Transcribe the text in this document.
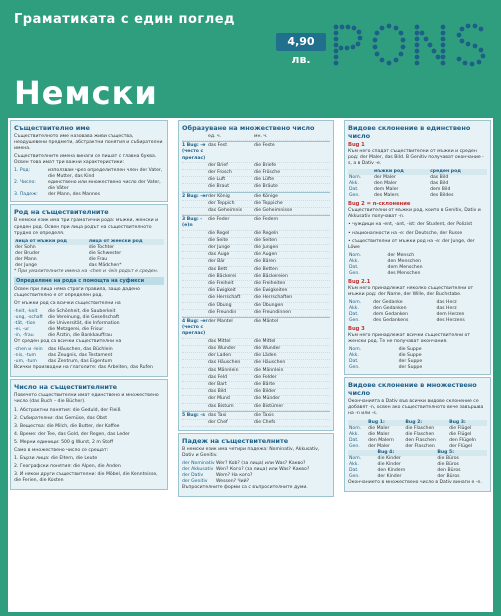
Граматиката с един поглед
4,90 лв.
Немски
Съществително име

Съществителното име назовава живи същества, неодушевени предмети, абстрактни понятия и събирателни имена.

Съществителните имена винаги се пишат с главна буква. Освен това имат три важни характеристики:

1. Род:	използвам чрез определителен член der Vater, die Mutter, das Kind
2. Число:	единствено или множествено число der Vater, die Väter
3. Падеж:	der Mann, des Mannes
Род на съществителните

В немски език има три граматични рода: мъжки, женски и среден род. Освен при лица родът на съществителното трудно се определя.

лица от мъжки род	лица от женски род
der Sohn	die Tochter
der Bruder	die Schwester
der Mann	die Frau
der Junge	das Mädchen*

* При умалителните имена на -chen и -lein родът е среден.

Определяне на рода с помощта на суфикси

Освен при лица няма строги правила, защо дадено съществително е от определен род.

От мъжки род са всички съществителни на

-heit, -keit	die Schönheit, die Sauberkeit
-ung, -schaft	die Vereinung, die Gesellschaft
-tät, -tion	die Universität, die Information
-ei, -ur	die Metzgerei, die Frisur
-in, -frau	die Ärztin, die Bankkauffrau

От среден род са всички съществителни на

-chen и -lein	das Häuschen, das Büchlein
-nis, -tum	das Zeugnis, das Testament
-um, -tum	das Zentrum, das Eigentum

Всички производни на глаголите: das Arbeiten, das Rufen

Число на съществителните

Повечето съществителни имат единствено и множествено число (das Buch – die Bücher).

1. Абстрактни понятия: die Geduld, der Fleiß

2. Събирателни: das Gemüse, das Obst

3. Вещества: die Milch, die Butter, der Kaffee

4. Време: der Tee, das Gold, der Regen, das Leder

5. Мерни единици: 500 g Wurst, 2 m Stoff

Само в множествено число се срещат:

1. Бързи лица: die Eltern, die Leute

2. Географски понятия: die Alpen, die Anden

3. И някои други съществителни: die Möbel, die Kenntnisse, die Ferien, die Kosten

Образуване на множествено число
ед. ч.	мн. ч.
1 Bug: -e (често с преглас)
das Fest	die Feste
der Brief	die Briefe
der Frosch	die Frösche
die Luft	die Lüfte
die Braut	die Bräute
2 Bug: -er der König	die Könige
der Teppich	die Teppiche
das Geheimnis	die Geheimnisse
3 Bug: -(e)n
die Feder	die Federn
die Regel	die Regeln
die Seite	die Seiten
der Junge	die Jungen
das Auge	die Augen
der Bär	die Bären
das Bett	die Betten
die Bäckerei	die Bäckereien
die Freiheit	die Freiheiten
die Ewigkeit	die Ewigkeiten
die Herrschaft	die Herrschaften
die Übung	die Übungen
die Freundin	die Freundinnen
4 Bug: -er (често с преглас)
der Mantel	die Mäntel
das Mittel	die Mittel
das Wunder	die Wunder
der Laden	die Läden
das Häuschen	die Häuschen
das Männlein	die Männlein
das Feld	die Felder
der Bart	die Bärte
das Bild	die Bilder
der Mund	die Münder
das Bistum	die Bistümer
5 Bug: -s das Taxi	die Taxis
der Chef	die Chefs
Падеж на съществителните

В немски език има четири падежа: Nominativ, Akkusativ, Dativ и Genitiv.

der Nominativ Wer? Kob? (за лица) или Was? Какво?
der Akkusativ Wen? Кого? (за лица) или Was? Какво?
der Dativ	Wem? На кого?
der Genitiv	Wessen? Чий?

Въпросителните форми са с въпросителните думи.

Видове склонение в единствено число
Bug 1

Към него спадат съществителни от мъжки и среден род: der Maler, das Bild. В Genitiv получават окончание -s, а в Dativ -e.

	мъжки род	среден род
Nom.	der Maler	das Bild
Akk.	den Maler	das Bild
Dat.	dem Maler	dem Bild
Gen.	des Malers	des Bildes
Bug 2 = n-склонение

Съществителни от мъжки род, които в Genitiv, Dativ и Akkusativ получават -n.

• чуждици на -ent, -ant, -ist: der Student, der Polizist

• националности на -e: der Deutsche, der Russe

• съществителни от мъжки род на -e: der Junge, der Löwe

Nom.	der Mensch
Akk.	den Menschen
Dat.	dem Menschen
Gen.	des Menschen
Bug 2.1

Към него принадлежат няколко съществителни от мъжки род: der Name, der Wille, der Buchstabe.

Nom.	der Gedanke	das Herz
Akk.	den Gedanken	das Herz
Dat.	dem Gedanken	dem Herzen
Gen.	des Gedankens	des Herzens
Bug 3

Към него принадлежат всички съществителни от женски род. Те не получават окончания.

Nom.	die Suppe
Akk.	die Suppe
Dat.	der Suppe
Gen.	der Suppe
Видове склонение в множествено число

Окончанията в Dativ във всички видове склонение се добавят -n, освен ако съществителното вече завършва на -n или -s.

	Bug 1:	Bug 2:	Bug 3:
Nom.	die Maler	die Flaschen	die Flügel
Akk.	die Maler	die Flaschen	die Flügel
Dat.	den Malern	den Flaschen	den Flügeln
Gen.	der Maler	der Flaschen	der Flügel
	Bug 4:	Bug 5:
Nom.	die Kinder	die Büros
Akk.	die Kinder	die Büros
Dat.	den Kindern	den Büros
Gen.	der Kinder	der Büros

Окончанието в множествено число в Dativ винаги е -n.
